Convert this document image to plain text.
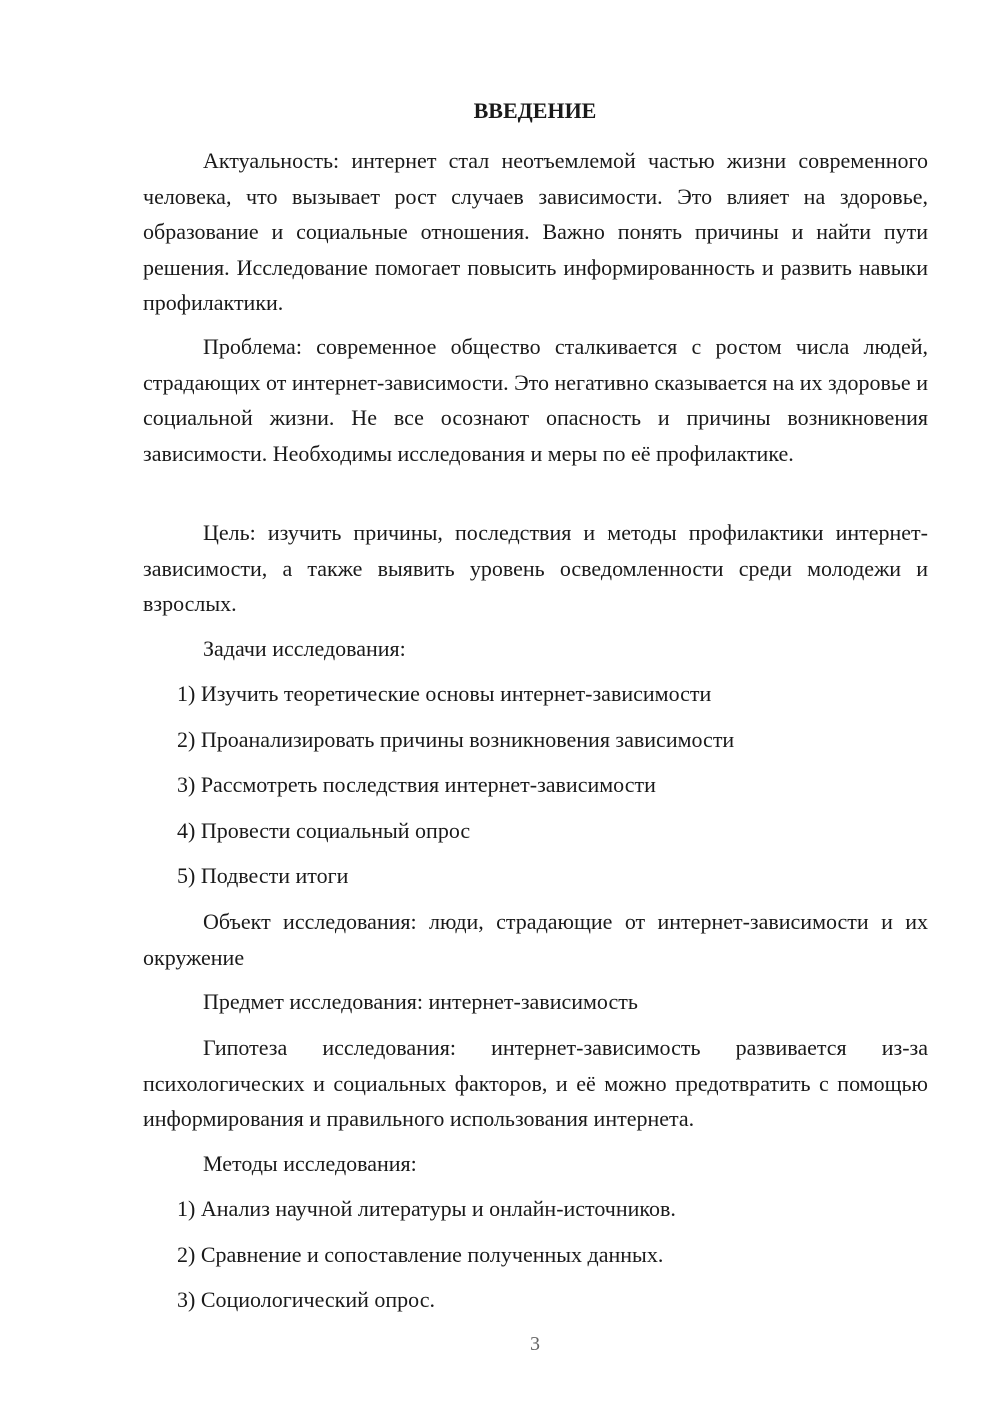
ВВЕДЕНИЕ

Актуальность: интернет стал неотъемлемой частью жизни современного человека, что вызывает рост случаев зависимости. Это влияет на здоровье, образование и социальные отношения. Важно понять причины и найти пути решения. Исследование помогает повысить информированность и развить навыки профилактики.

Проблема: современное общество сталкивается с ростом числа людей, страдающих от интернет-зависимости. Это негативно сказывается на их здоровье и социальной жизни. Не все осознают опасность и причины возникновения зависимости. Необходимы исследования и меры по её профилактике.

Цель: изучить причины, последствия и методы профилактики интернет-зависимости, а также выявить уровень осведомленности среди молодежи и взрослых.

Задачи исследования:

1) Изучить теоретические основы интернет-зависимости

2) Проанализировать причины возникновения зависимости

3) Рассмотреть последствия интернет-зависимости

4) Провести социальный опрос

5) Подвести итоги

Объект исследования: люди, страдающие от интернет-зависимости и их окружение

Предмет исследования: интернет-зависимость

Гипотеза исследования: интернет-зависимость развивается из-за психологических и социальных факторов, и её можно предотвратить с помощью информирования и правильного использования интернета.

Методы исследования:

1) Анализ научной литературы и онлайн-источников.

2) Сравнение и сопоставление полученных данных.

3) Социологический опрос.

3
